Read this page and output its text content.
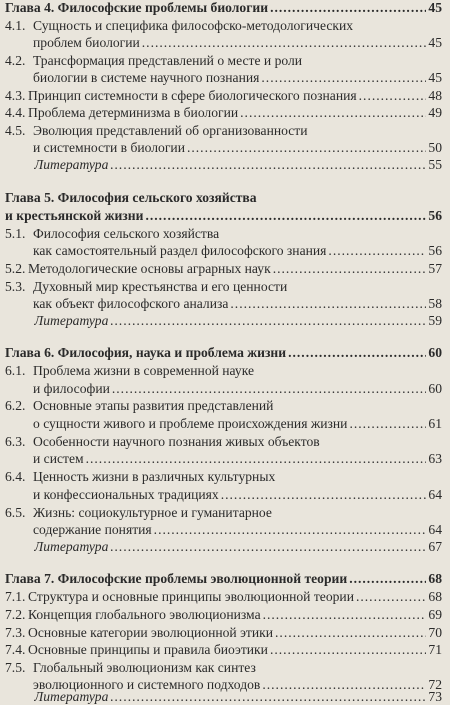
Глава 4. Философские проблемы биологии .....	45
4.1. Сущность и специфика философско-методологических
проблем биологии .....	45
4.2. Трансформация представлений о месте и роли
биологии в системе научного познания .....	45
4.3. Принцип системности в сфере биологического познания .....	48
4.4. Проблема детерминизма в биологии .....	49
4.5. Эволюция представлений об организованности
и системности в биологии .....	50
Литература .....	55
Глава 5. Философия сельского хозяйства
и крестьянской жизни .....	56
5.1. Философия сельского хозяйства
как самостоятельный раздел философского знания .....	56
5.2. Методологические основы аграрных наук .....	57
5.3. Духовный мир крестьянства и его ценности
как объект философского анализа .....	58
Литература .....	59
Глава 6. Философия, наука и проблема жизни .....	60
6.1. Проблема жизни в современной науке
и философии .....	60
6.2. Основные этапы развития представлений
о сущности живого и проблеме происхождения жизни .....	61
6.3. Особенности научного познания живых объектов
и систем .....	63
6.4. Ценность жизни в различных культурных
и конфессиональных традициях .....	64
6.5. Жизнь: социокультурное и гуманитарное
содержание понятия .....	64
Литература .....	67
Глава 7. Философские проблемы эволюционной теории .....	68
7.1. Структура и основные принципы эволюционной теории .....	68
7.2. Концепция глобального эволюционизма .....	69
7.3. Основные категории эволюционной этики .....	70
7.4. Основные принципы и правила биоэтики .....	71
7.5. Глобальный эволюционизм как синтез
эволюционного и системного подходов .....	72
Литература .....	73
